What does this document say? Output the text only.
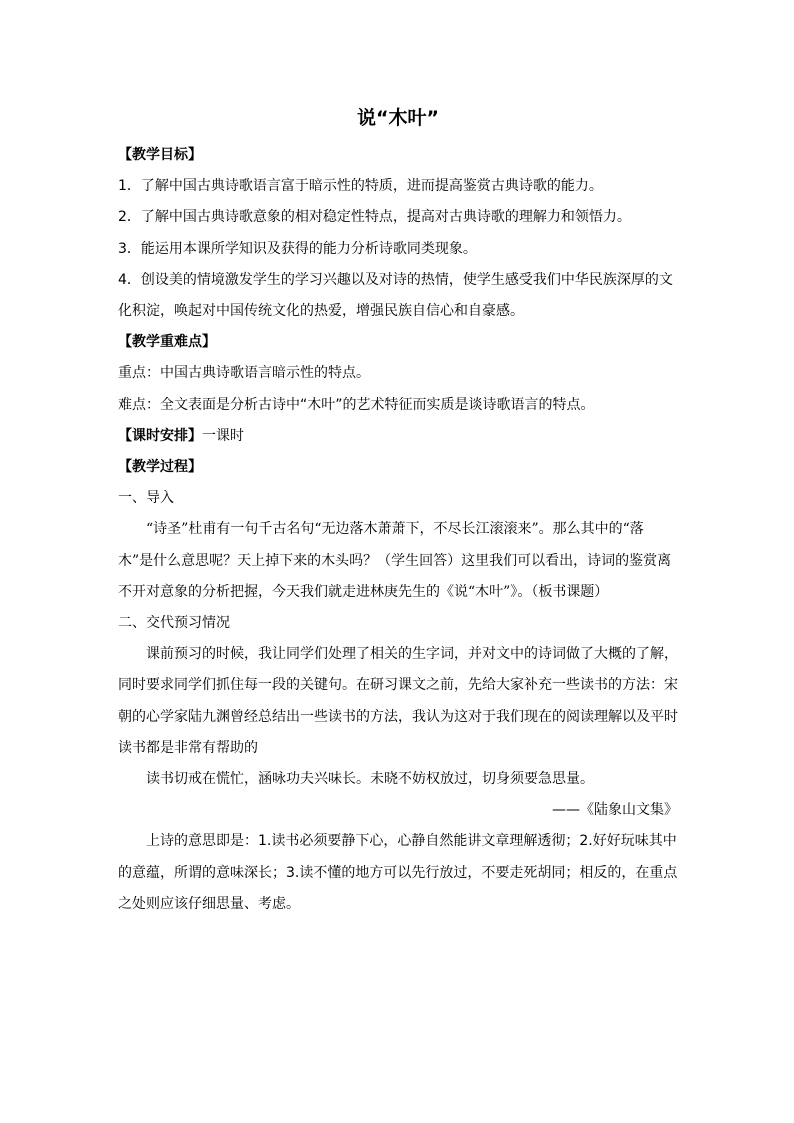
说“木叶”

【教学目标】

1．了解中国古典诗歌语言富于暗示性的特质，进而提高鉴赏古典诗歌的能力。

2．了解中国古典诗歌意象的相对稳定性特点，提高对古典诗歌的理解力和领悟力。

3．能运用本课所学知识及获得的能力分析诗歌同类现象。

4．创设美的情境激发学生的学习兴趣以及对诗的热情，使学生感受我们中华民族深厚的文化积淀，唤起对中国传统文化的热爱，增强民族自信心和自豪感。

【教学重难点】

重点：中国古典诗歌语言暗示性的特点。

难点：全文表面是分析古诗中“木叶”的艺术特征而实质是谈诗歌语言的特点。

【课时安排】一课时

【教学过程】

一、导入

“诗圣”杜甫有一句千古名句“无边落木萧萧下，不尽长江滚滚来”。那么其中的“落木”是什么意思呢？天上掉下来的木头吗？（学生回答）这里我们可以看出，诗词的鉴赏离不开对意象的分析把握，今天我们就走进林庚先生的《说“木叶”》。（板书课题）

二、交代预习情况

课前预习的时候，我让同学们处理了相关的生字词，并对文中的诗词做了大概的了解，同时要求同学们抓住每一段的关键句。在研习课文之前，先给大家补充一些读书的方法：宋朝的心学家陆九渊曾经总结出一些读书的方法，我认为这对于我们现在的阅读理解以及平时读书都是非常有帮助的

读书切戒在慌忙，涵咏功夫兴味长。未晓不妨权放过，切身须要急思量。

——《陆象山文集》

上诗的意思即是：1.读书必须要静下心，心静自然能讲文章理解透彻；2.好好玩味其中的意蕴，所谓的意味深长；3.读不懂的地方可以先行放过，不要走死胡同；相反的，在重点之处则应该仔细思量、考虑。
